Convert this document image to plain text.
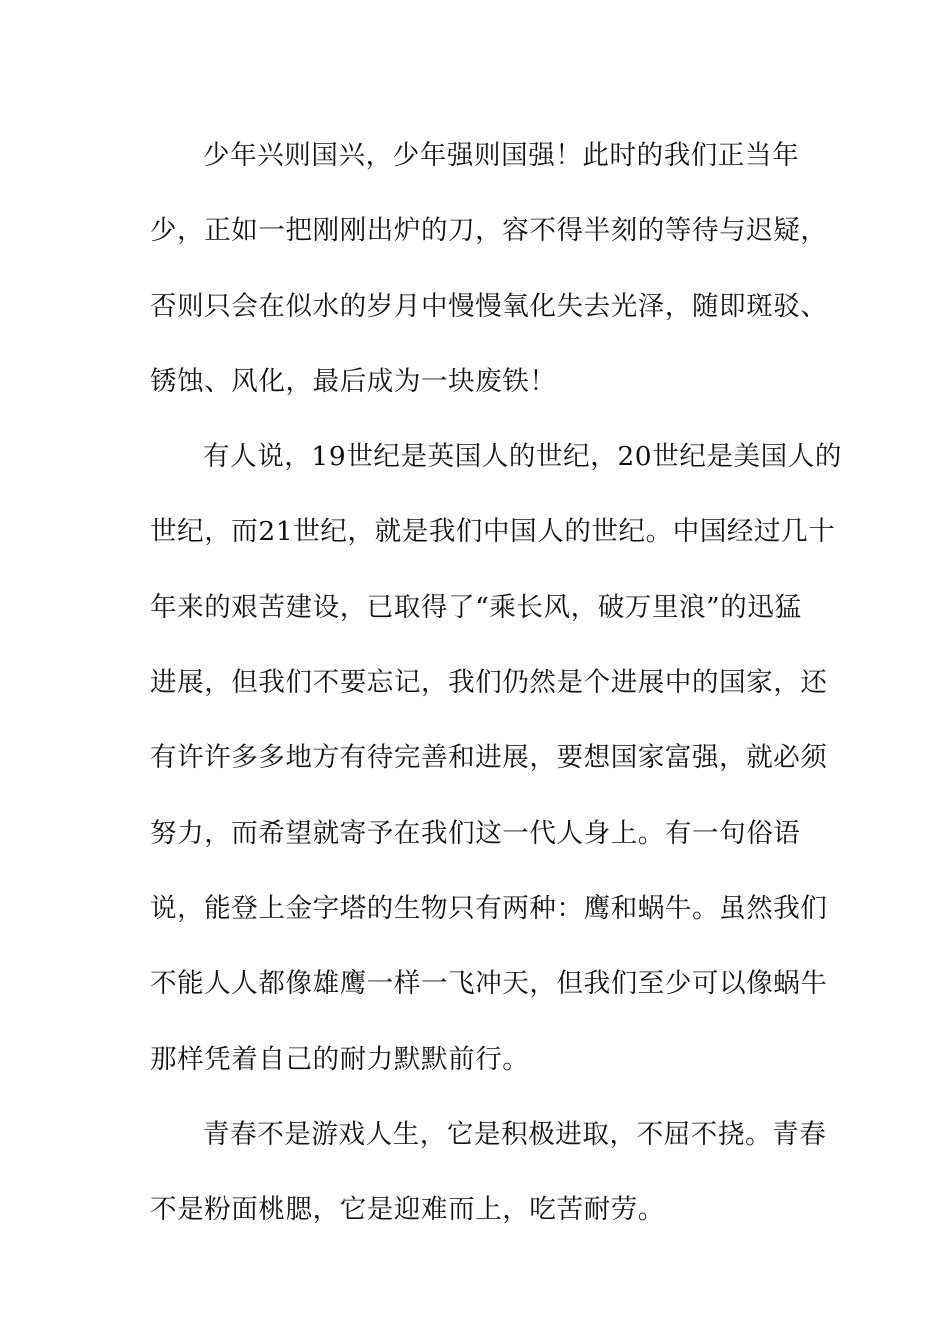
少年兴则国兴，少年强则国强！此时的我们正当年
少，正如一把刚刚出炉的刀，容不得半刻的等待与迟疑，
否则只会在似水的岁月中慢慢氧化失去光泽，随即斑驳、
锈蚀、风化，最后成为一块废铁！
有人说，19世纪是英国人的世纪，20世纪是美国人的
世纪，而21世纪，就是我们中国人的世纪。中国经过几十
年来的艰苦建设，已取得了“乘长风，破万里浪”的迅猛
进展，但我们不要忘记，我们仍然是个进展中的国家，还
有许许多多地方有待完善和进展，要想国家富强，就必须
努力，而希望就寄予在我们这一代人身上。有一句俗语
说，能登上金字塔的生物只有两种：鹰和蜗牛。虽然我们
不能人人都像雄鹰一样一飞冲天，但我们至少可以像蜗牛
那样凭着自己的耐力默默前行。
青春不是游戏人生，它是积极进取，不屈不挠。青春
不是粉面桃腮，它是迎难而上，吃苦耐劳。
